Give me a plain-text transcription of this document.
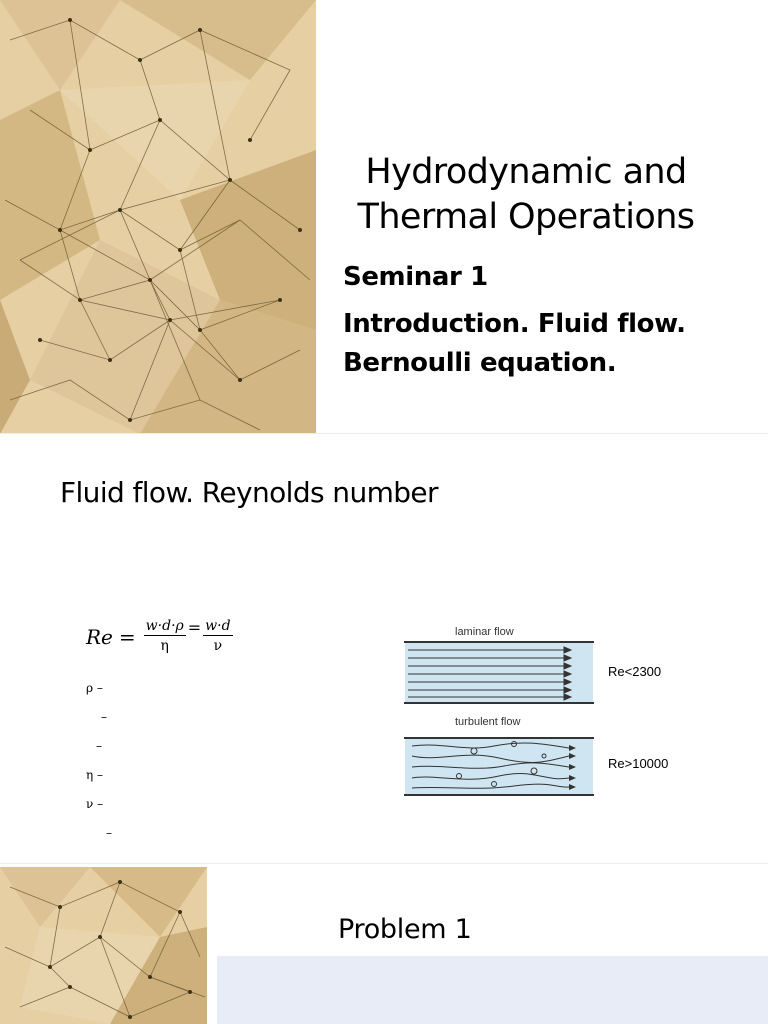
Hydrodynamic and
Thermal Operations
Seminar 1
Introduction. Fluid flow.
Bernoulli equation.
Fluid flow. Reynolds number
$Re = \frac{w\cdot d\cdot\rho}{\eta} = \frac{w\cdot d}{\nu}$
ρ –
–
–
η –
ν –
–
laminar flow
Re<2300
turbulent flow
Re>10000
Problem 1
